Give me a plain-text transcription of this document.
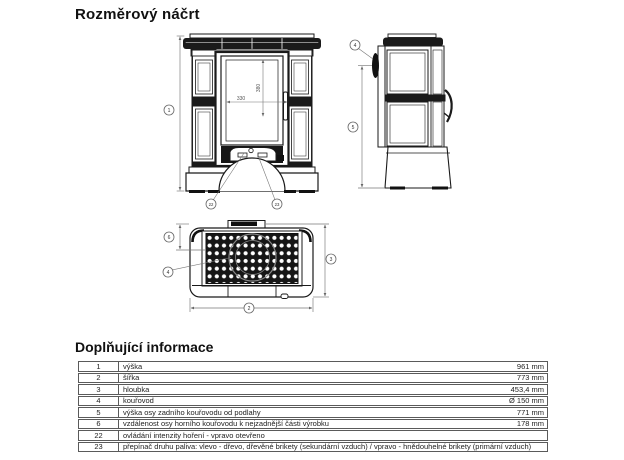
Rozměrový náčrt
330
380
1
22	23
5
4
6
4
3
2
Doplňující informace
1	výška	961 mm
2	šířka	773 mm
3	hloubka	453,4 mm
4	kouřovod	Ø 150 mm
5	výška osy zadního kouřovodu od podlahy	771 mm
6	vzdálenost osy horního kouřovodu k nejzadnější části výrobku	178 mm
22	ovládání intenzity hoření - vpravo otevřeno
23	přepínač druhu paliva: vlevo - dřevo, dřevěné brikety (sekundární vzduch) / vpravo - hnědouhelné brikety (primární vzduch)
